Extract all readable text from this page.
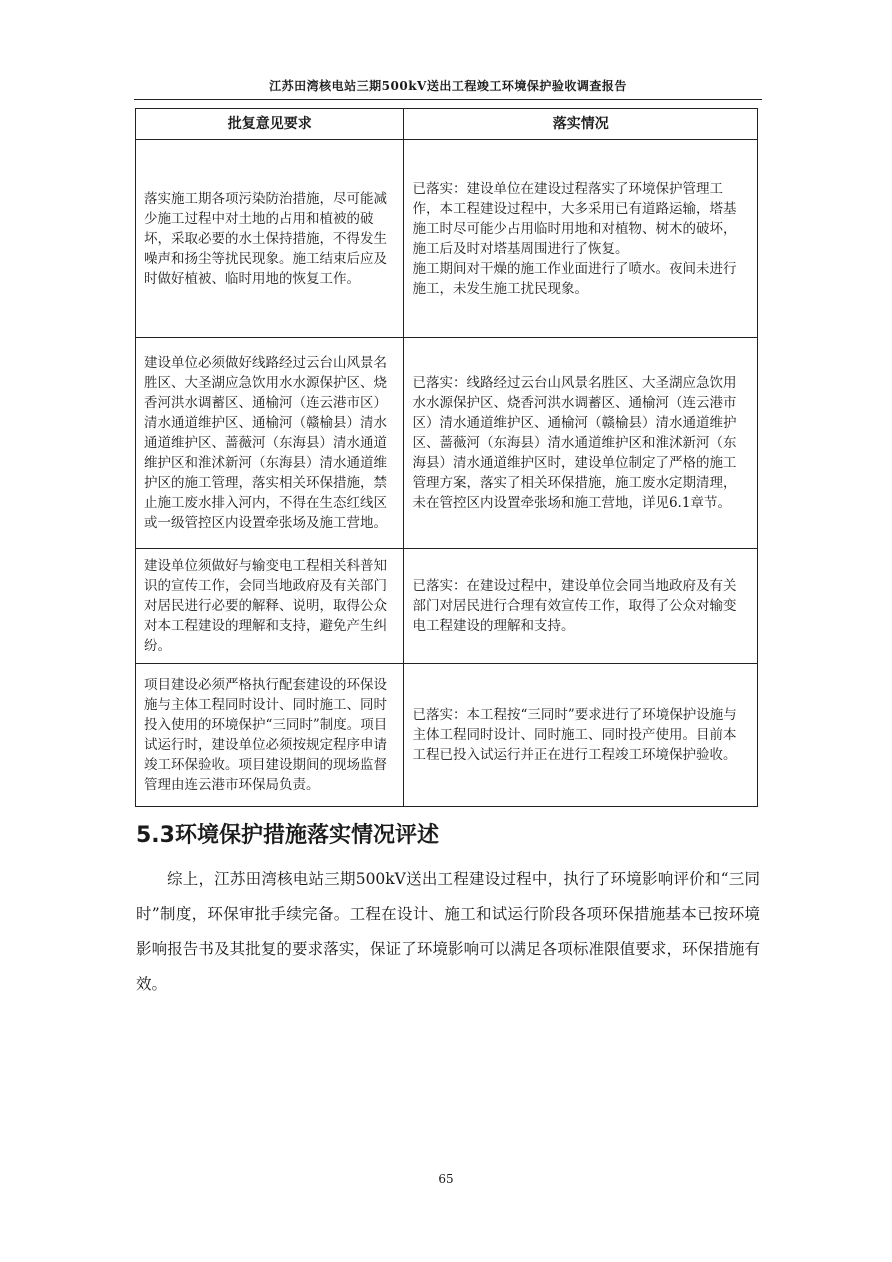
江苏田湾核电站三期500kV送出工程竣工环境保护验收调查报告
批复意见要求	落实情况
落实施工期各项污染防治措施，尽可能减少施工过程中对土地的占用和植被的破坏，采取必要的水土保持措施，不得发生噪声和扬尘等扰民现象。施工结束后应及时做好植被、临时用地的恢复工作。	已落实：建设单位在建设过程落实了环境保护管理工作，本工程建设过程中，大多采用已有道路运输，塔基施工时尽可能少占用临时用地和对植物、树木的破坏，施工后及时对塔基周围进行了恢复。

施工期间对干燥的施工作业面进行了喷水。夜间未进行施工，未发生施工扰民现象。

建设单位必须做好线路经过云台山风景名胜区、大圣湖应急饮用水水源保护区、烧香河洪水调蓄区、通榆河（连云港市区）清水通道维护区、通榆河（赣榆县）清水通道维护区、蔷薇河（东海县）清水通道维护区和淮沭新河（东海县）清水通道维护区的施工管理，落实相关环保措施，禁止施工废水排入河内，不得在生态红线区或一级管控区内设置牵张场及施工营地。	已落实：线路经过云台山风景名胜区、大圣湖应急饮用水水源保护区、烧香河洪水调蓄区、通榆河（连云港市区）清水通道维护区、通榆河（赣榆县）清水通道维护区、蔷薇河（东海县）清水通道维护区和淮沭新河（东海县）清水通道维护区时，建设单位制定了严格的施工管理方案，落实了相关环保措施，施工废水定期清理，未在管控区内设置牵张场和施工营地，详见6.1章节。

建设单位须做好与输变电工程相关科普知识的宣传工作，会同当地政府及有关部门对居民进行必要的解释、说明，取得公众对本工程建设的理解和支持，避免产生纠纷。	已落实：在建设过程中，建设单位会同当地政府及有关部门对居民进行合理有效宣传工作，取得了公众对输变电工程建设的理解和支持。

项目建设必须严格执行配套建设的环保设施与主体工程同时设计、同时施工、同时投入使用的环境保护“三同时”制度。项目试运行时，建设单位必须按规定程序申请竣工环保验收。项目建设期间的现场监督管理由连云港市环保局负责。	已落实：本工程按“三同时”要求进行了环境保护设施与主体工程同时设计、同时施工、同时投产使用。目前本工程已投入试运行并正在进行工程竣工环境保护验收。

5.3环境保护措施落实情况评述
综上，江苏田湾核电站三期500kV送出工程建设过程中，执行了环境影响评价和“三同时”制度，环保审批手续完备。工程在设计、施工和试运行阶段各项环保措施基本已按环境影响报告书及其批复的要求落实，保证了环境影响可以满足各项标准限值要求，环保措施有效。
65
